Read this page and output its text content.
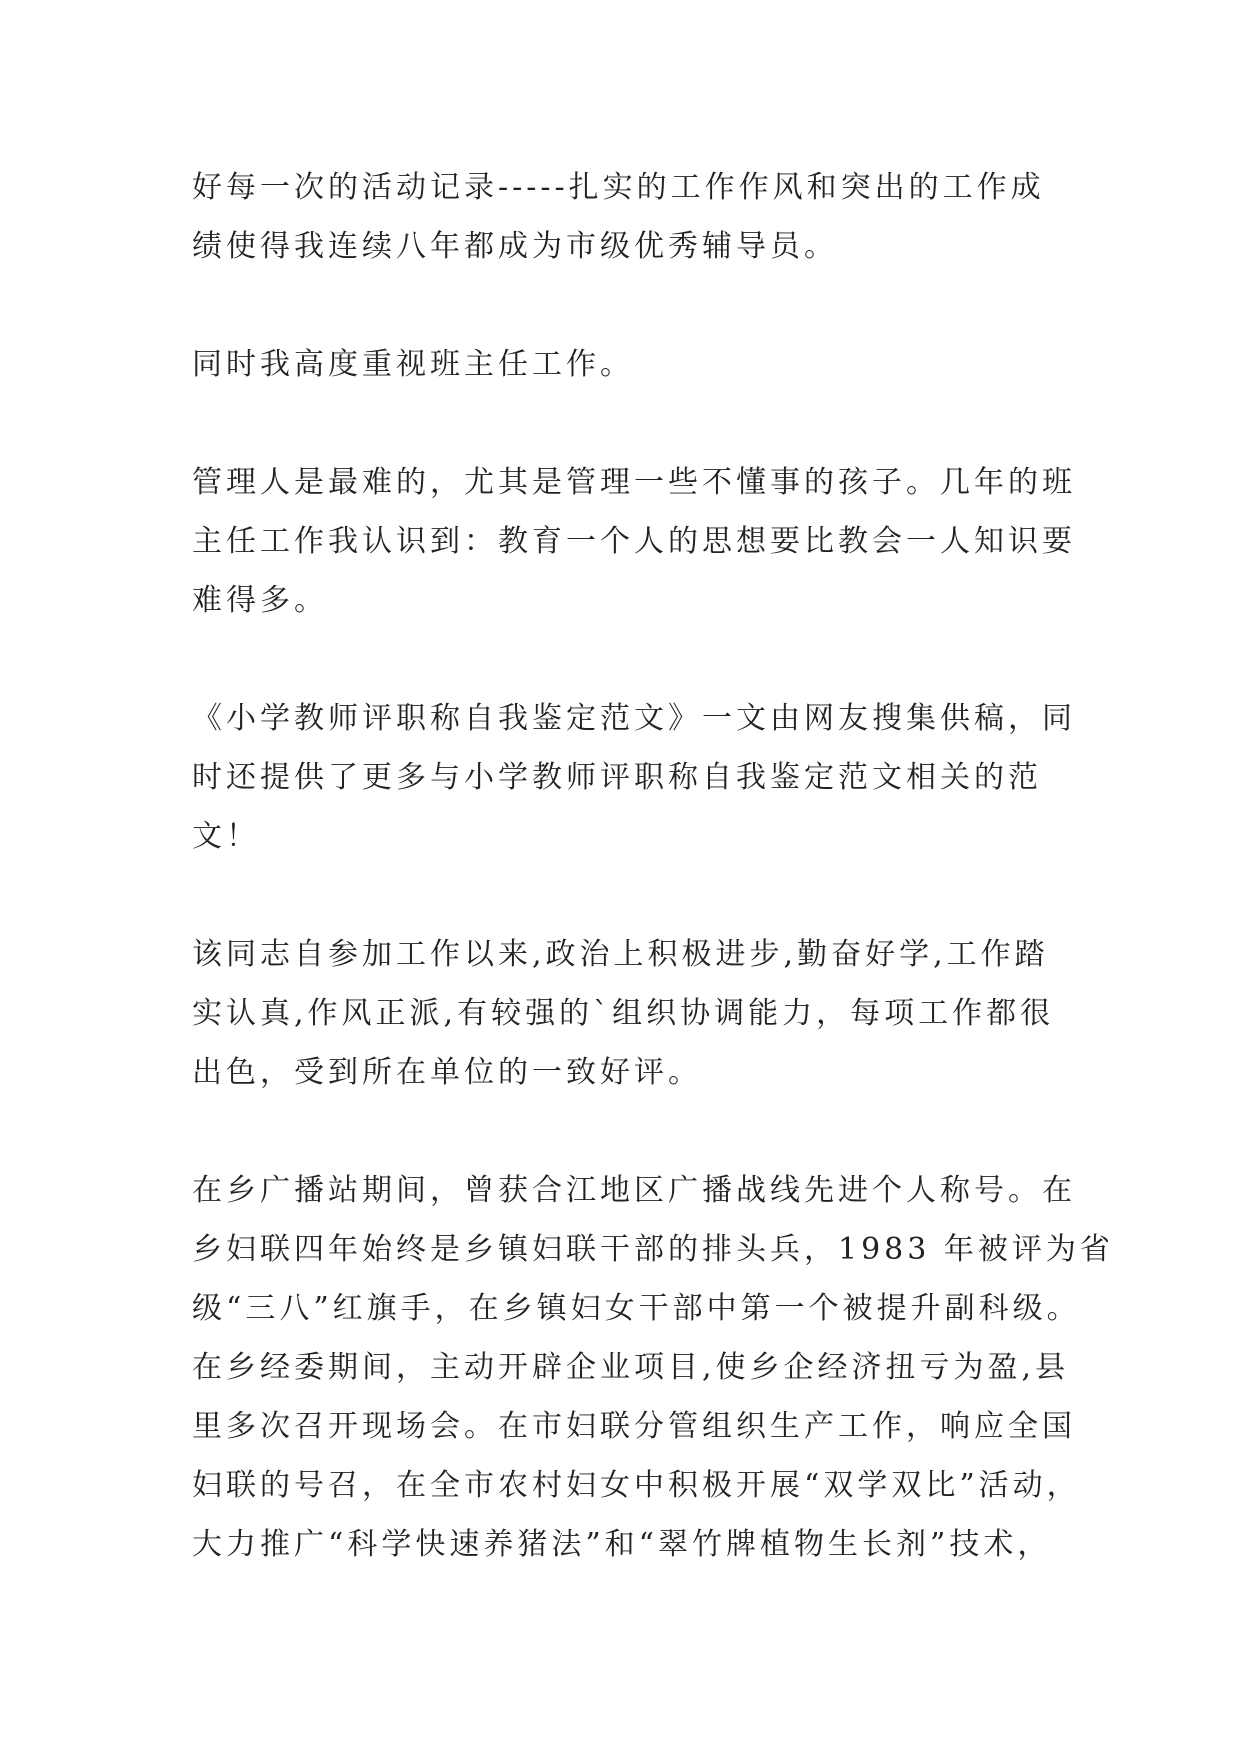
好每一次的活动记录-----扎实的工作作风和突出的工作成
绩使得我连续八年都成为市级优秀辅导员。
同时我高度重视班主任工作。
管理人是最难的，尤其是管理一些不懂事的孩子。几年的班
主任工作我认识到：教育一个人的思想要比教会一人知识要
难得多。
《小学教师评职称自我鉴定范文》一文由网友搜集供稿，同
时还提供了更多与小学教师评职称自我鉴定范文相关的范
文！
该同志自参加工作以来,政治上积极进步,勤奋好学,工作踏
实认真,作风正派,有较强的`组织协调能力，每项工作都很
出色，受到所在单位的一致好评。
在乡广播站期间，曾获合江地区广播战线先进个人称号。在
乡妇联四年始终是乡镇妇联干部的排头兵，1983 年被评为省
级“三八”红旗手，在乡镇妇女干部中第一个被提升副科级。
在乡经委期间，主动开辟企业项目,使乡企经济扭亏为盈,县
里多次召开现场会。在市妇联分管组织生产工作，响应全国
妇联的号召，在全市农村妇女中积极开展“双学双比”活动，
大力推广“科学快速养猪法”和“翠竹牌植物生长剂”技术，
